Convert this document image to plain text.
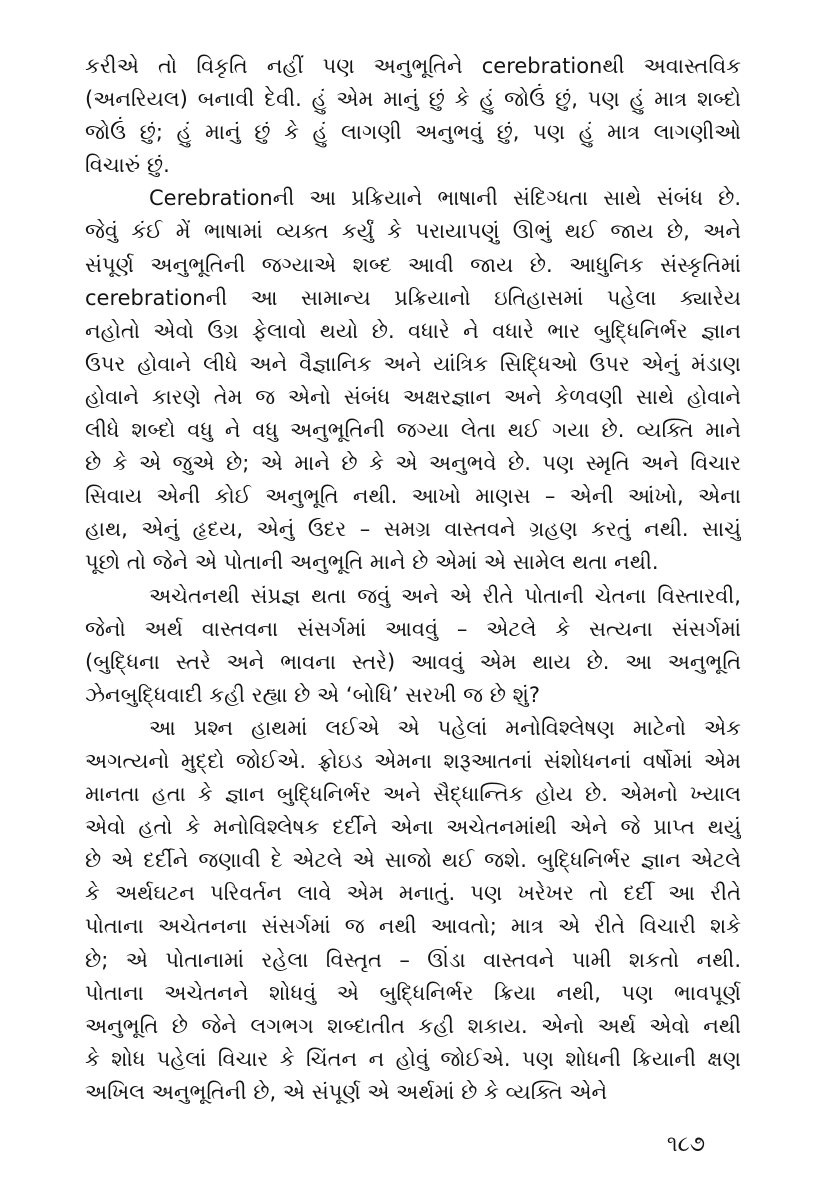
કરીએ તો વિકૃતિ નહીં પણ અનુભૂતિને cerebrationથી અવાસ્તવિક
(અનરિયલ) બનાવી દેવી. હું એમ માનું છું કે હું જોઉં છું, પણ હું માત્ર શબ્દો
જોઉં છું; હું માનું છું કે હું લાગણી અનુભવું છું, પણ હું માત્ર લાગણીઓ
વિચારું છું.

Cerebrationની આ પ્રક્રિયાને ભાષાની સંદિગ્ધતા સાથે સંબંધ છે.
જેવું કંઈ મેં ભાષામાં વ્યક્ત કર્યું કે પરાયાપણું ઊભું થઈ જાય છે, અને
સંપૂર્ણ અનુભૂતિની જગ્યાએ શબ્દ આવી જાય છે. આધુનિક સંસ્કૃતિમાં
cerebrationની આ સામાન્ય પ્રક્રિયાનો ઇતિહાસમાં પહેલા ક્યારેય
નહોતો એવો ઉગ્ર ફેલાવો થયો છે. વધારે ને વધારે ભાર બુદ્ધિનિર્ભર જ્ઞાન
ઉપર હોવાને લીધે અને વૈજ્ઞાનિક અને યાંત્રિક સિદ્ધિઓ ઉપર એનું મંડાણ
હોવાને કારણે તેમ જ એનો સંબંધ અક્ષરજ્ઞાન અને કેળવણી સાથે હોવાને
લીધે શબ્દો વધુ ને વધુ અનુભૂતિની જગ્યા લેતા થઈ ગયા છે. વ્યક્તિ માને
છે કે એ જુએ છે; એ માને છે કે એ અનુભવે છે. પણ સ્મૃતિ અને વિચાર
સિવાય એની કોઈ અનુભૂતિ નથી. આખો માણસ – એની આંખો, એના
હાથ, એનું હૃદય, એનું ઉદર – સમગ્ર વાસ્તવને ગ્રહણ કરતું નથી. સાચું
પૂછો તો જેને એ પોતાની અનુભૂતિ માને છે એમાં એ સામેલ થતા નથી.

અચેતનથી સંપ્રજ્ઞ થતા જવું અને એ રીતે પોતાની ચેતના વિસ્તારવી,
જેનો અર્થ વાસ્તવના સંસર્ગમાં આવવું – એટલે કે સત્યના સંસર્ગમાં
(બુદ્ધિના સ્તરે અને ભાવના સ્તરે) આવવું એમ થાય છે. આ અનુભૂતિ
ઝેનબુદ્ધિવાદી કહી રહ્યા છે એ ‘બોધિ’ સરખી જ છે શું?

આ પ્રશ્ન હાથમાં લઈએ એ પહેલાં મનોવિશ્લેષણ માટેનો એક
અગત્યનો મુદ્દો જોઈએ. ફ્રોઇડ એમના શરૂઆતનાં સંશોધનનાં વર્ષોમાં એમ
માનતા હતા કે જ્ઞાન બુદ્ધિનિર્ભર અને સૈદ્ધાન્તિક હોય છે. એમનો ખ્યાલ
એવો હતો કે મનોવિશ્લેષક દર્દીને એના અચેતનમાંથી એને જે પ્રાપ્ત થયું
છે એ દર્દીને જણાવી દે એટલે એ સાજો થઈ જશે. બુદ્ધિનિર્ભર જ્ઞાન એટલે
કે અર્થઘટન પરિવર્તન લાવે એમ મનાતું. પણ ખરેખર તો દર્દી આ રીતે
પોતાના અચેતનના સંસર્ગમાં જ નથી આવતો; માત્ર એ રીતે વિચારી શકે
છે; એ પોતાનામાં રહેલા વિસ્તૃત – ઊંડા વાસ્તવને પામી શકતો નથી.
પોતાના અચેતનને શોધવું એ બુદ્ધિનિર્ભર ક્રિયા નથી, પણ ભાવપૂર્ણ
અનુભૂતિ છે જેને લગભગ શબ્દાતીત કહી શકાય. એનો અર્થ એવો નથી
કે શોધ પહેલાં વિચાર કે ચિંતન ન હોવું જોઈએ. પણ શોધની ક્રિયાની ક્ષણ
અખિલ અનુભૂતિની છે, એ સંપૂર્ણ એ અર્થમાં છે કે વ્યક્તિ એને

૧૮૭
